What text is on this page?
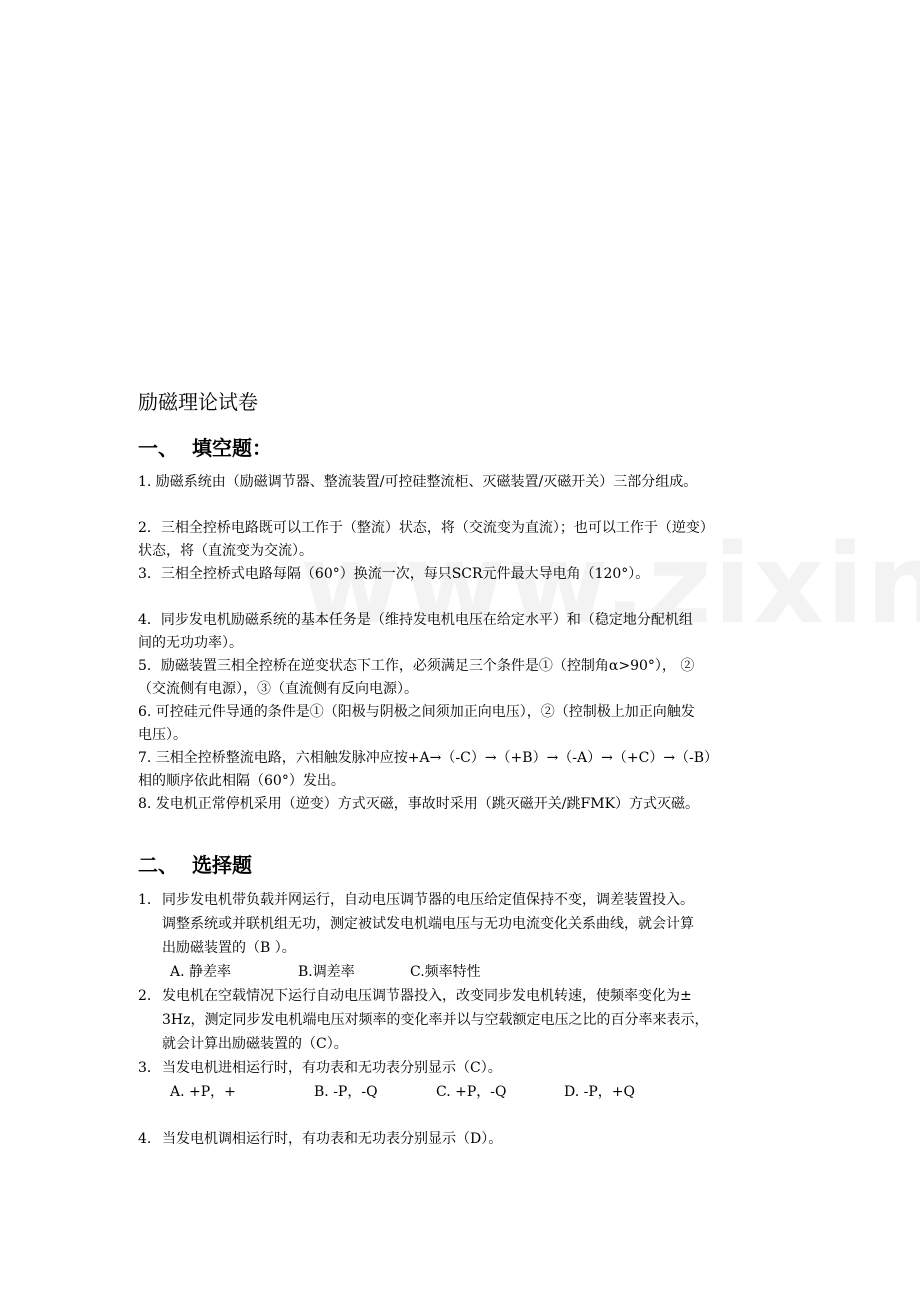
励磁理论试卷
一、 填空题：

1. 励磁系统由（励磁调节器、整流装置/可控硅整流柜、灭磁装置/灭磁开关）三部分组成。

2．三相全控桥电路既可以工作于（整流）状态，将（交流变为直流）；也可以工作于（逆变）

状态，将（直流变为交流）。

3．三相全控桥式电路每隔（60°）换流一次，每只SCR元件最大导电角（120°）。

4．同步发电机励磁系统的基本任务是（维持发电机电压在给定水平）和（稳定地分配机组

间的无功功率）。

5．励磁装置三相全控桥在逆变状态下工作，必须满足三个条件是①（控制角α>90°）， ②

（交流侧有电源），③（直流侧有反向电源）。

6. 可控硅元件导通的条件是①（阳极与阴极之间须加正向电压），②（控制极上加正向触发

电压）。

7. 三相全控桥整流电路，六相触发脉冲应按+A→（-C）→（+B）→（-A）→（+C）→（-B）

相的顺序依此相隔（60°）发出。

8. 发电机正常停机采用（逆变）方式灭磁，事故时采用（跳灭磁开关/跳FMK）方式灭磁。

二、 选择题
1． 同步发电机带负载并网运行，自动电压调节器的电压给定值保持不变，调差装置投入。
调整系统或并联机组无功，测定被试发电机端电压与无功电流变化关系曲线，就会计算
出励磁装置的（B ）。
A. 静差率	B.调差率	C.频率特性
2. 发电机在空载情况下运行自动电压调节器投入，改变同步发电机转速，使频率变化为±
3Hz，测定同步发电机端电压对频率的变化率并以与空载额定电压之比的百分率来表示，
就会计算出励磁装置的（C）。
3． 当发电机进相运行时，有功表和无功表分别显示（C）。
A. +P，+	B. -P，-Q	C. +P，-Q	D. -P，+Q
4. 当发电机调相运行时，有功表和无功表分别显示（D）。
